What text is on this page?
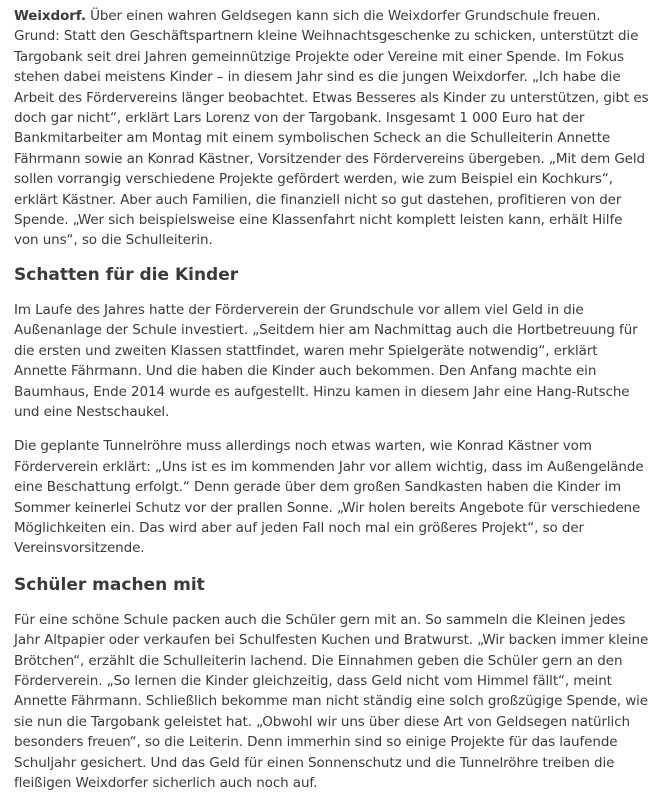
Weixdorf. Über einen wahren Geldsegen kann sich die Weixdorfer Grundschule freuen. Grund: Statt den Geschäftspartnern kleine Weihnachtsgeschenke zu schicken, unterstützt die Targobank seit drei Jahren gemeinnützige Projekte oder Vereine mit einer Spende. Im Fokus stehen dabei meistens Kinder – in diesem Jahr sind es die jungen Weixdorfer. „Ich habe die Arbeit des Fördervereins länger beobachtet. Etwas Besseres als Kinder zu unterstützen, gibt es doch gar nicht“, erklärt Lars Lorenz von der Targobank. Insgesamt 1 000 Euro hat der Bankmitarbeiter am Montag mit einem symbolischen Scheck an die Schulleiterin Annette Fährmann sowie an Konrad Kästner, Vorsitzender des Fördervereins übergeben. „Mit dem Geld sollen vorrangig verschiedene Projekte gefördert werden, wie zum Beispiel ein Kochkurs“, erklärt Kästner. Aber auch Familien, die finanziell nicht so gut dastehen, profitieren von der Spende. „Wer sich beispielsweise eine Klassenfahrt nicht komplett leisten kann, erhält Hilfe von uns“, so die Schulleiterin.

Schatten für die Kinder

Im Laufe des Jahres hatte der Förderverein der Grundschule vor allem viel Geld in die Außenanlage der Schule investiert. „Seitdem hier am Nachmittag auch die Hortbetreuung für die ersten und zweiten Klassen stattfindet, waren mehr Spielgeräte notwendig“, erklärt Annette Fährmann. Und die haben die Kinder auch bekommen. Den Anfang machte ein Baumhaus, Ende 2014 wurde es aufgestellt. Hinzu kamen in diesem Jahr eine Hang-Rutsche und eine Nestschaukel.

Die geplante Tunnelröhre muss allerdings noch etwas warten, wie Konrad Kästner vom Förderverein erklärt: „Uns ist es im kommenden Jahr vor allem wichtig, dass im Außengelände eine Beschattung erfolgt.“ Denn gerade über dem großen Sandkasten haben die Kinder im Sommer keinerlei Schutz vor der prallen Sonne. „Wir holen bereits Angebote für verschiedene Möglichkeiten ein. Das wird aber auf jeden Fall noch mal ein größeres Projekt“, so der Vereinsvorsitzende.

Schüler machen mit

Für eine schöne Schule packen auch die Schüler gern mit an. So sammeln die Kleinen jedes Jahr Altpapier oder verkaufen bei Schulfesten Kuchen und Bratwurst. „Wir backen immer kleine Brötchen“, erzählt die Schulleiterin lachend. Die Einnahmen geben die Schüler gern an den Förderverein. „So lernen die Kinder gleichzeitig, dass Geld nicht vom Himmel fällt“, meint Annette Fährmann. Schließlich bekomme man nicht ständig eine solch großzügige Spende, wie sie nun die Targobank geleistet hat. „Obwohl wir uns über diese Art von Geldsegen natürlich besonders freuen“, so die Leiterin. Denn immerhin sind so einige Projekte für das laufende Schuljahr gesichert. Und das Geld für einen Sonnenschutz und die Tunnelröhre treiben die fleißigen Weixdorfer sicherlich auch noch auf.
